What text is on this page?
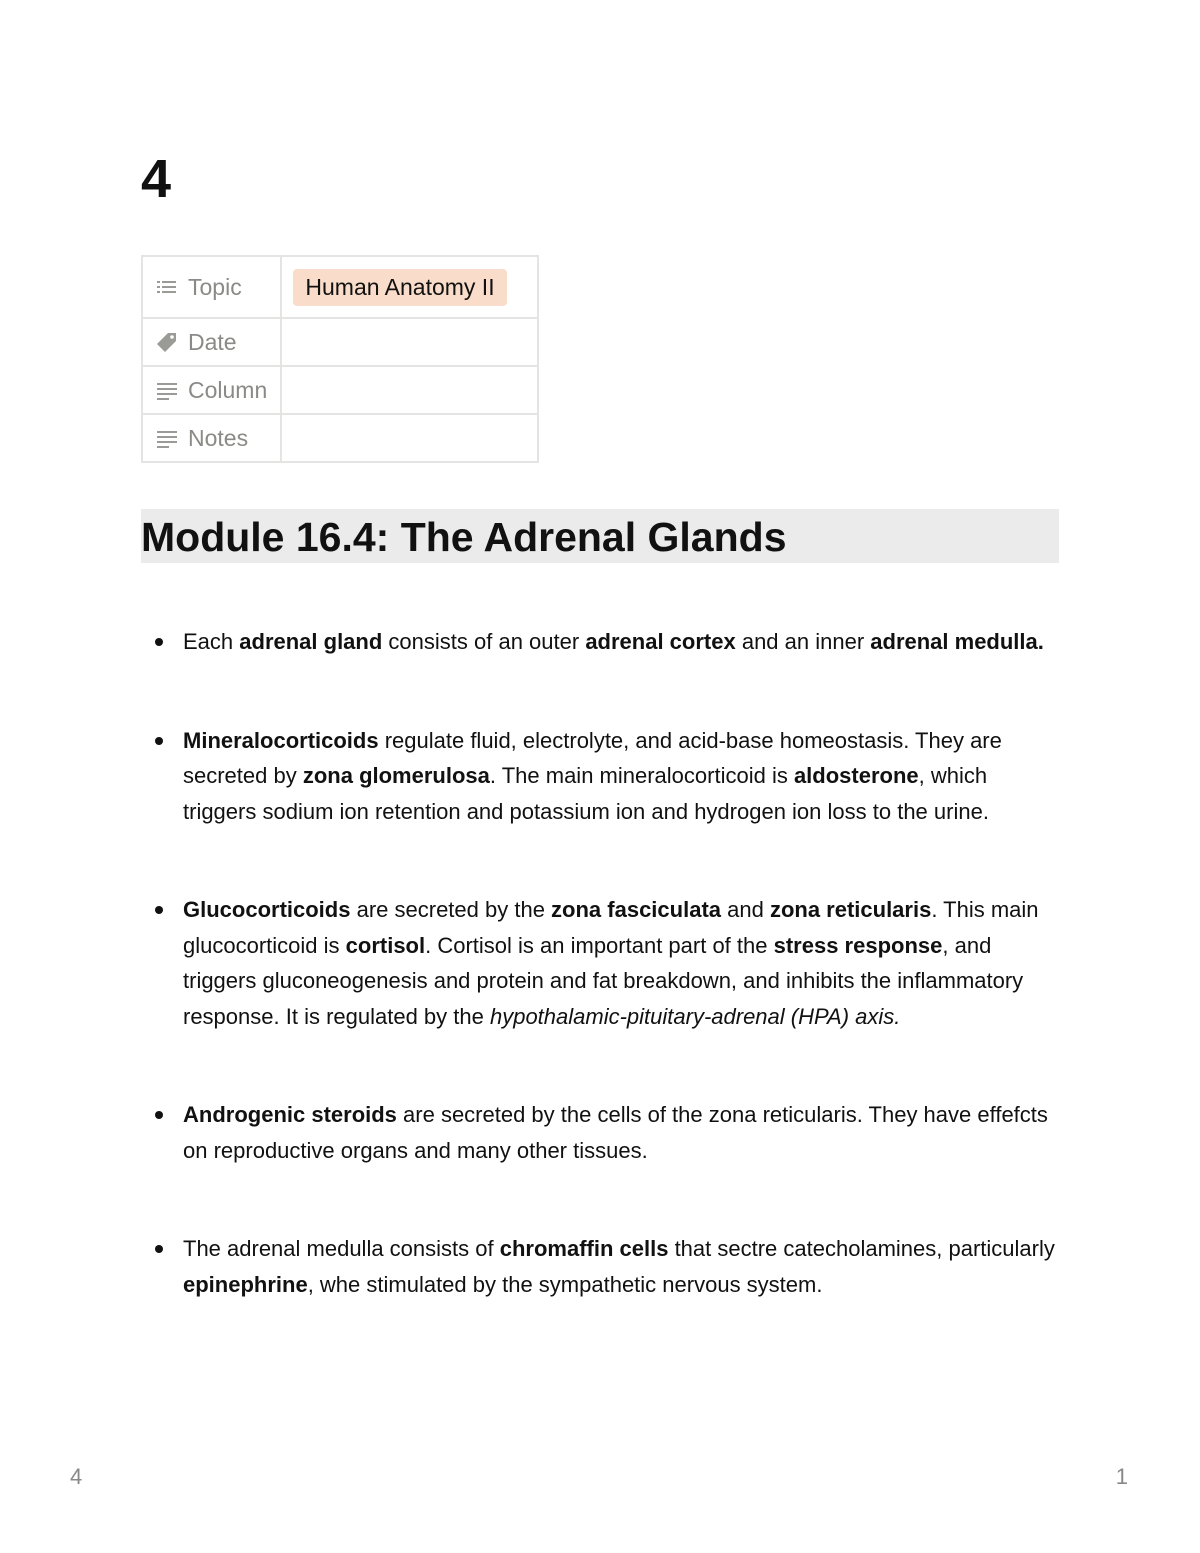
4
Topic	Human Anatomy II

Date	

Column	

Notes	

Module 16.4: The Adrenal Glands
Each adrenal gland consists of an outer adrenal cortex and an inner adrenal medulla.
Mineralocorticoids regulate fluid, electrolyte, and acid-base homeostasis. They are secreted by zona glomerulosa. The main mineralocorticoid is aldosterone, which triggers sodium ion retention and potassium ion and hydrogen ion loss to the urine.
Glucocorticoids are secreted by the zona fasciculata and zona reticularis. This main glucocorticoid is cortisol. Cortisol is an important part of the stress response, and triggers gluconeogenesis and protein and fat breakdown, and inhibits the inflammatory response. It is regulated by the hypothalamic-pituitary-adrenal (HPA) axis.
Androgenic steroids are secreted by the cells of the zona reticularis. They have effefcts on reproductive organs and many other tissues.
The adrenal medulla consists of chromaffin cells that sectre catecholamines, particularly epinephrine, whe stimulated by the sympathetic nervous system.
4	1
